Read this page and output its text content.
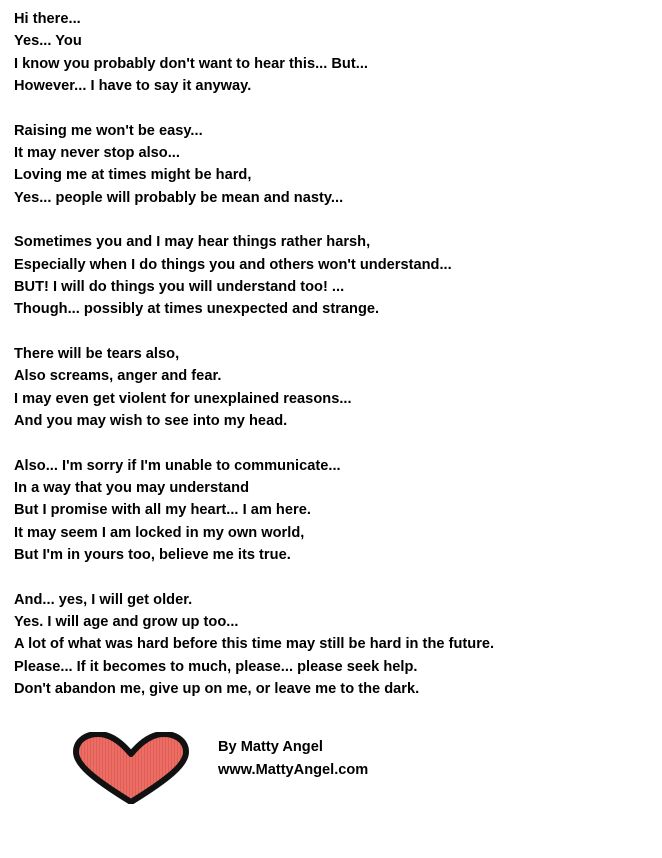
Hi there...
Yes... You
I know you probably don't want to hear this... But...
However... I have to say it anyway.
Raising me won't be easy...
It may never stop also...
Loving me at times might be hard,
Yes... people will probably be mean and nasty...
Sometimes you and I may hear things rather harsh,
Especially when I do things you and others won't understand...
BUT! I will do things you will understand too! ...
Though... possibly at times unexpected and strange.
There will be tears also,
Also screams, anger and fear.
I may even get violent for unexplained reasons...
And you may wish to see into my head.
Also... I'm sorry if I'm unable to communicate...
In a way that you may understand
But I promise with all my heart... I am here.
It may seem I am locked in my own world,
But I'm in yours too, believe me its true.
And... yes, I will get older.
Yes. I will age and grow up too...
A lot of what was hard before this time may still be hard in the future.
Please... If it becomes to much, please... please seek help.
Don't abandon me, give up on me, or leave me to the dark.
By Matty Angel
www.MattyAngel.com
